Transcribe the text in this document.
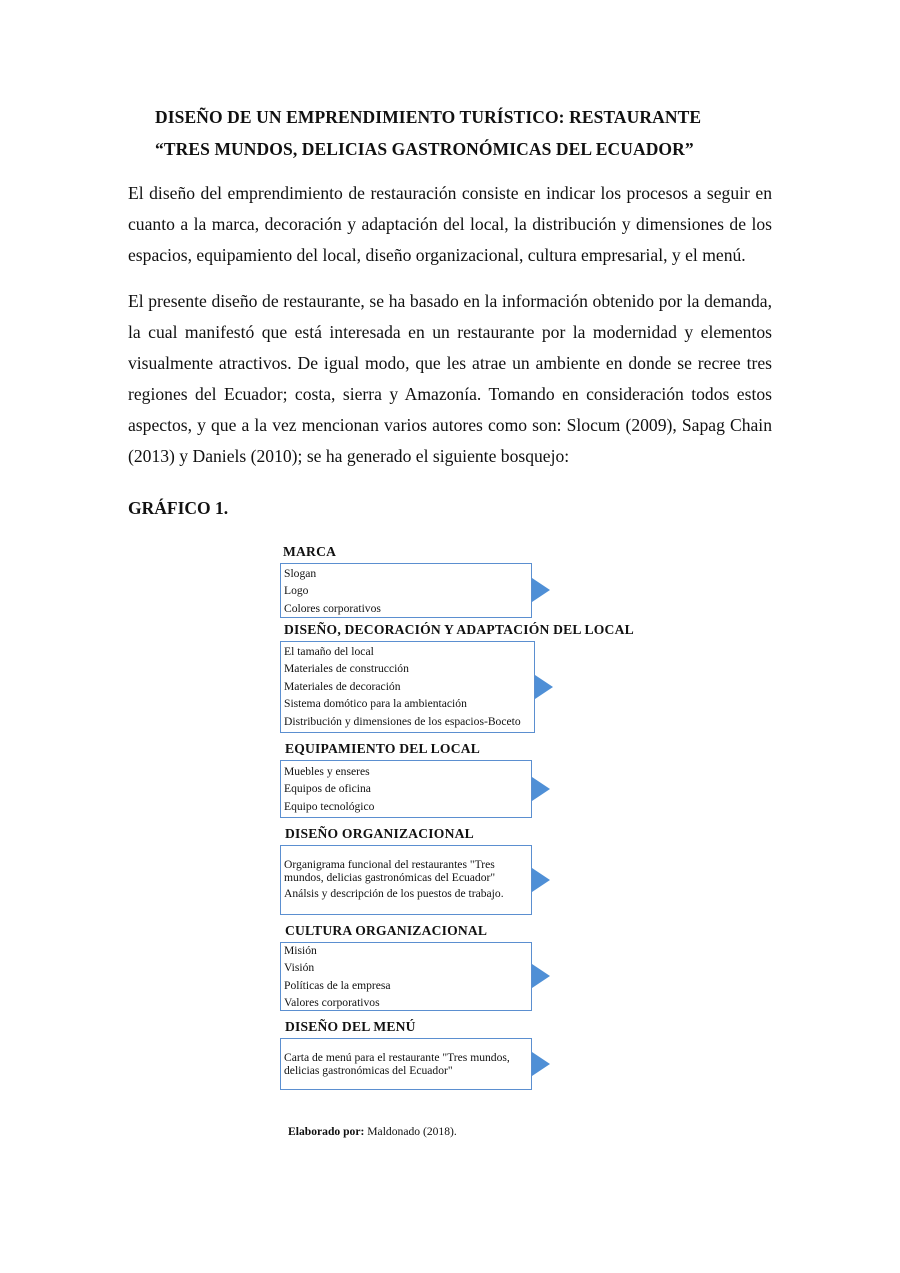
DISEÑO DE UN EMPRENDIMIENTO TURÍSTICO: RESTAURANTE
“TRES MUNDOS, DELICIAS GASTRONÓMICAS DEL ECUADOR”
El diseño del emprendimiento de restauración consiste en indicar los procesos a seguir en cuanto a la marca, decoración y adaptación del local, la distribución y dimensiones de los espacios, equipamiento del local, diseño organizacional, cultura empresarial, y el menú.
El presente diseño de restaurante, se ha basado en la información obtenido por la demanda, la cual manifestó que está interesada en un restaurante por la modernidad y elementos visualmente atractivos. De igual modo, que les atrae un ambiente en donde se recree tres regiones del Ecuador; costa, sierra y Amazonía. Tomando en consideración todos estos aspectos, y que a la vez mencionan varios autores como son: Slocum (2009), Sapag Chain (2013) y Daniels (2010); se ha generado el siguiente bosquejo:
GRÁFICO 1.
MARCA
Slogan
Logo
Colores corporativos
DISEÑO, DECORACIÓN Y ADAPTACIÓN DEL LOCAL
El tamaño del local
Materiales de construcción
Materiales de decoración
Sistema domótico para la ambientación
Distribución y dimensiones de los espacios-Boceto
EQUIPAMIENTO DEL LOCAL
Muebles y enseres
Equipos de oficina
Equipo tecnológico
DISEÑO ORGANIZACIONAL
Organigrama funcional del restaurantes "Tres mundos, delicias gastronómicas del Ecuador"
Análsis y descripción de los puestos de trabajo.
CULTURA ORGANIZACIONAL
Misión
Visión
Políticas de la empresa
Valores corporativos
DISEÑO DEL MENÚ
Carta de menú para el restaurante "Tres mundos, delicias gastronómicas del Ecuador"
Elaborado por: Maldonado (2018).
